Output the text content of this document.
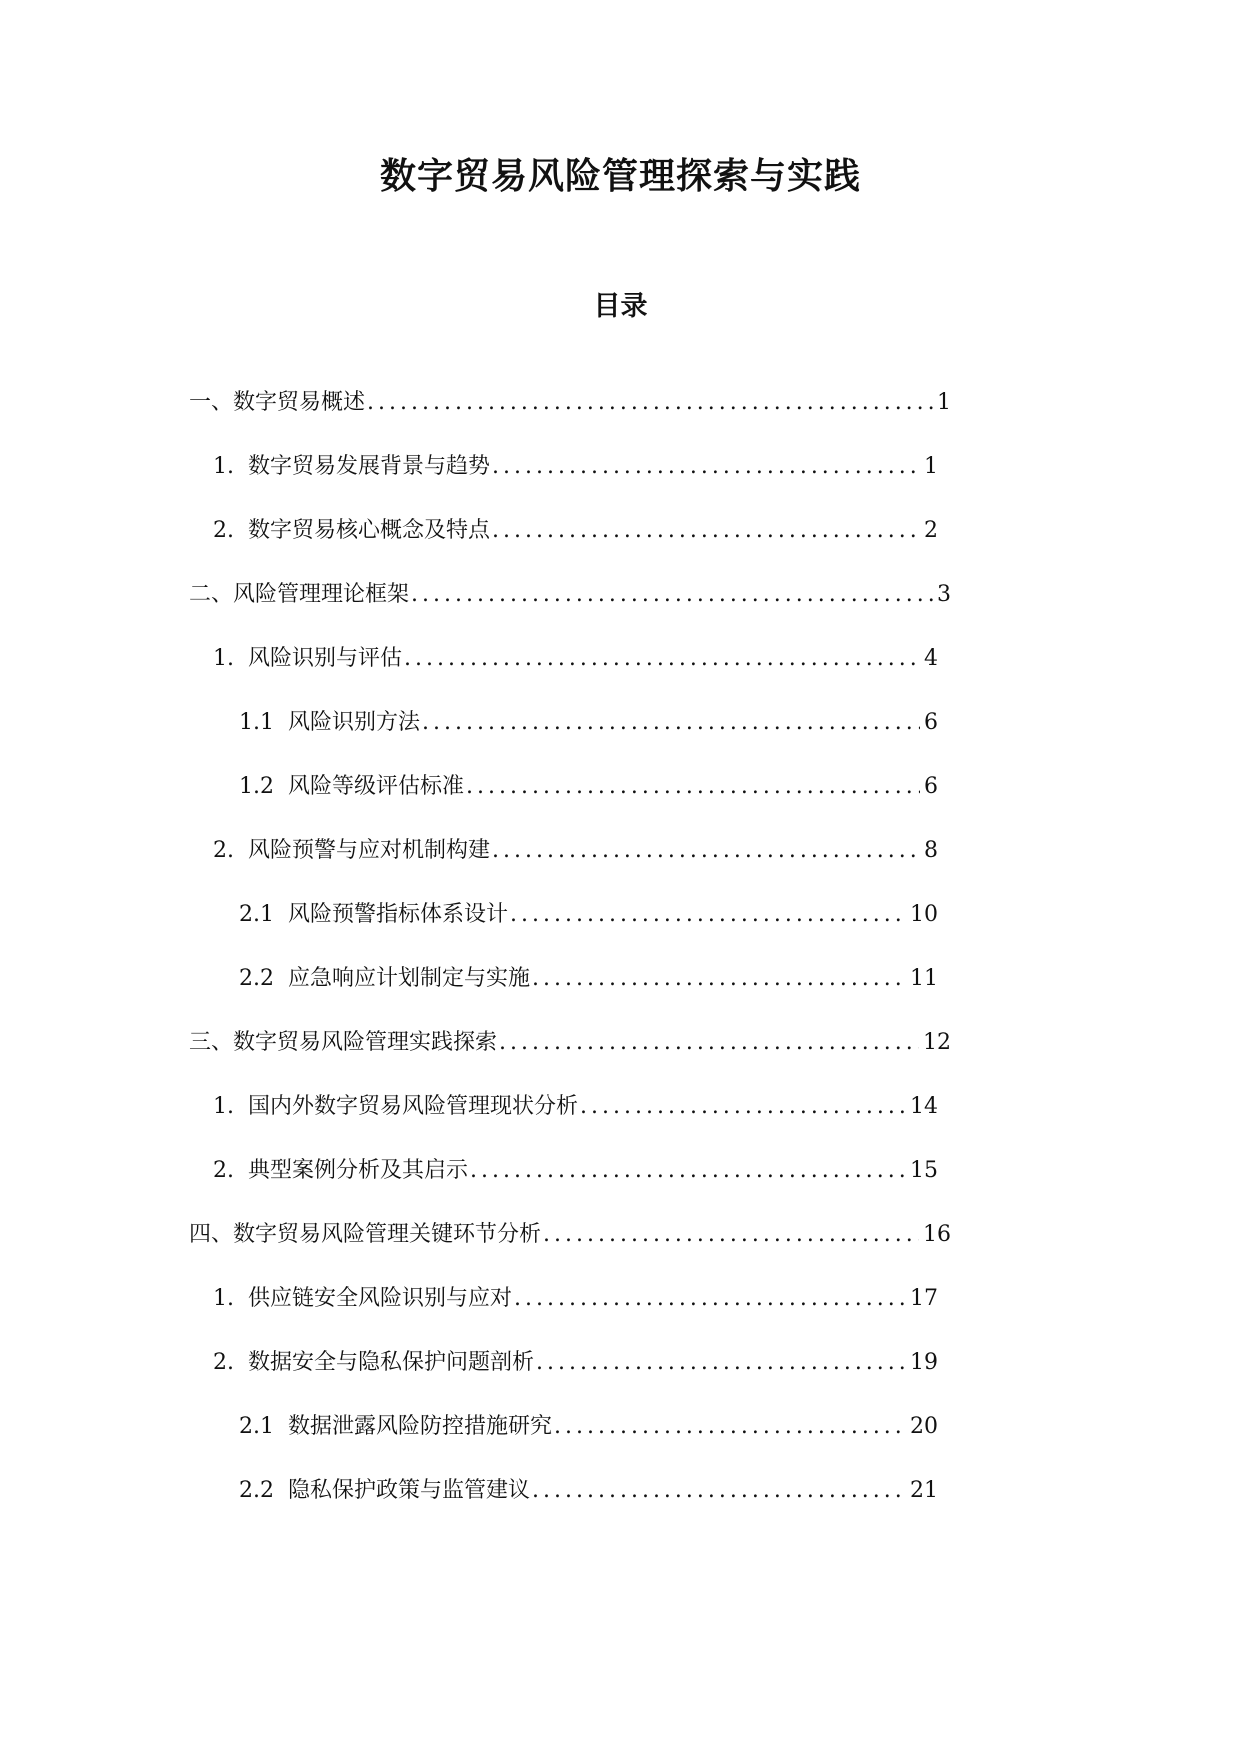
数字贸易风险管理探索与实践
目录
一、数字贸易概述 .....	1
1. 数字贸易发展背景与趋势 .....	1
2. 数字贸易核心概念及特点 .....	2
二、风险管理理论框架 .....	3
1. 风险识别与评估 .....	4
1.1 风险识别方法 .....	6
1.2 风险等级评估标准 .....	6
2. 风险预警与应对机制构建 .....	8
2.1 风险预警指标体系设计 .....	10
2.2 应急响应计划制定与实施 .....	11
三、数字贸易风险管理实践探索 .....	12
1. 国内外数字贸易风险管理现状分析 .....	14
2. 典型案例分析及其启示 .....	15
四、数字贸易风险管理关键环节分析 .....	16
1. 供应链安全风险识别与应对 .....	17
2. 数据安全与隐私保护问题剖析 .....	19
2.1 数据泄露风险防控措施研究 .....	20
2.2 隐私保护政策与监管建议 .....	21
